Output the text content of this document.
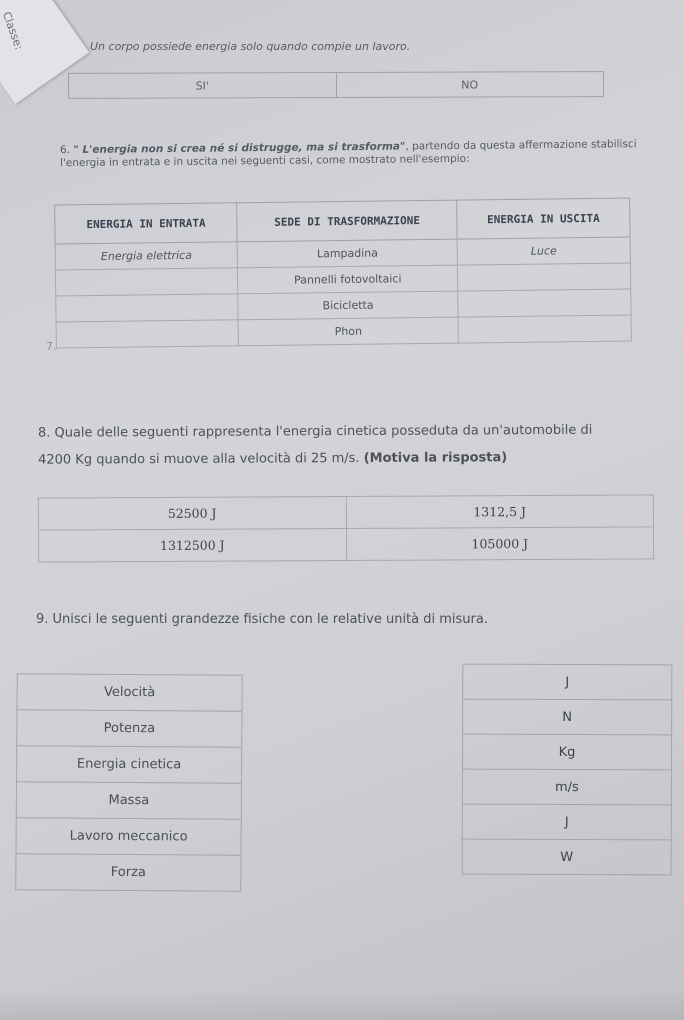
Classe:	Un corpo possiede energia solo quando compie un lavoro.
SI'	NO
6. " L'energia non si crea né si distrugge, ma si trasforma", partendo da questa affermazione stabilisci l'energia in entrata e in uscita nei seguenti casi, come mostrato nell'esempio:
ENERGIA IN ENTRATA	SEDE DI TRASFORMAZIONE	ENERGIA IN USCITA
Energia elettrica	Lampadina	Luce
	Pannelli fotovoltaici	
	Bicicletta	
	Phon	
7.
8. Quale delle seguenti rappresenta l'energia cinetica posseduta da un'automobile di
4200 Kg quando si muove alla velocità di 25 m/s. (Motiva la risposta)
52500 J	1312,5 J
1312500 J	105000 J
9. Unisci le seguenti grandezze fisiche con le relative unità di misura.
Velocità
Potenza
Energia cinetica
Massa
Lavoro meccanico
Forza
J
N
Kg
m/s
J
W
